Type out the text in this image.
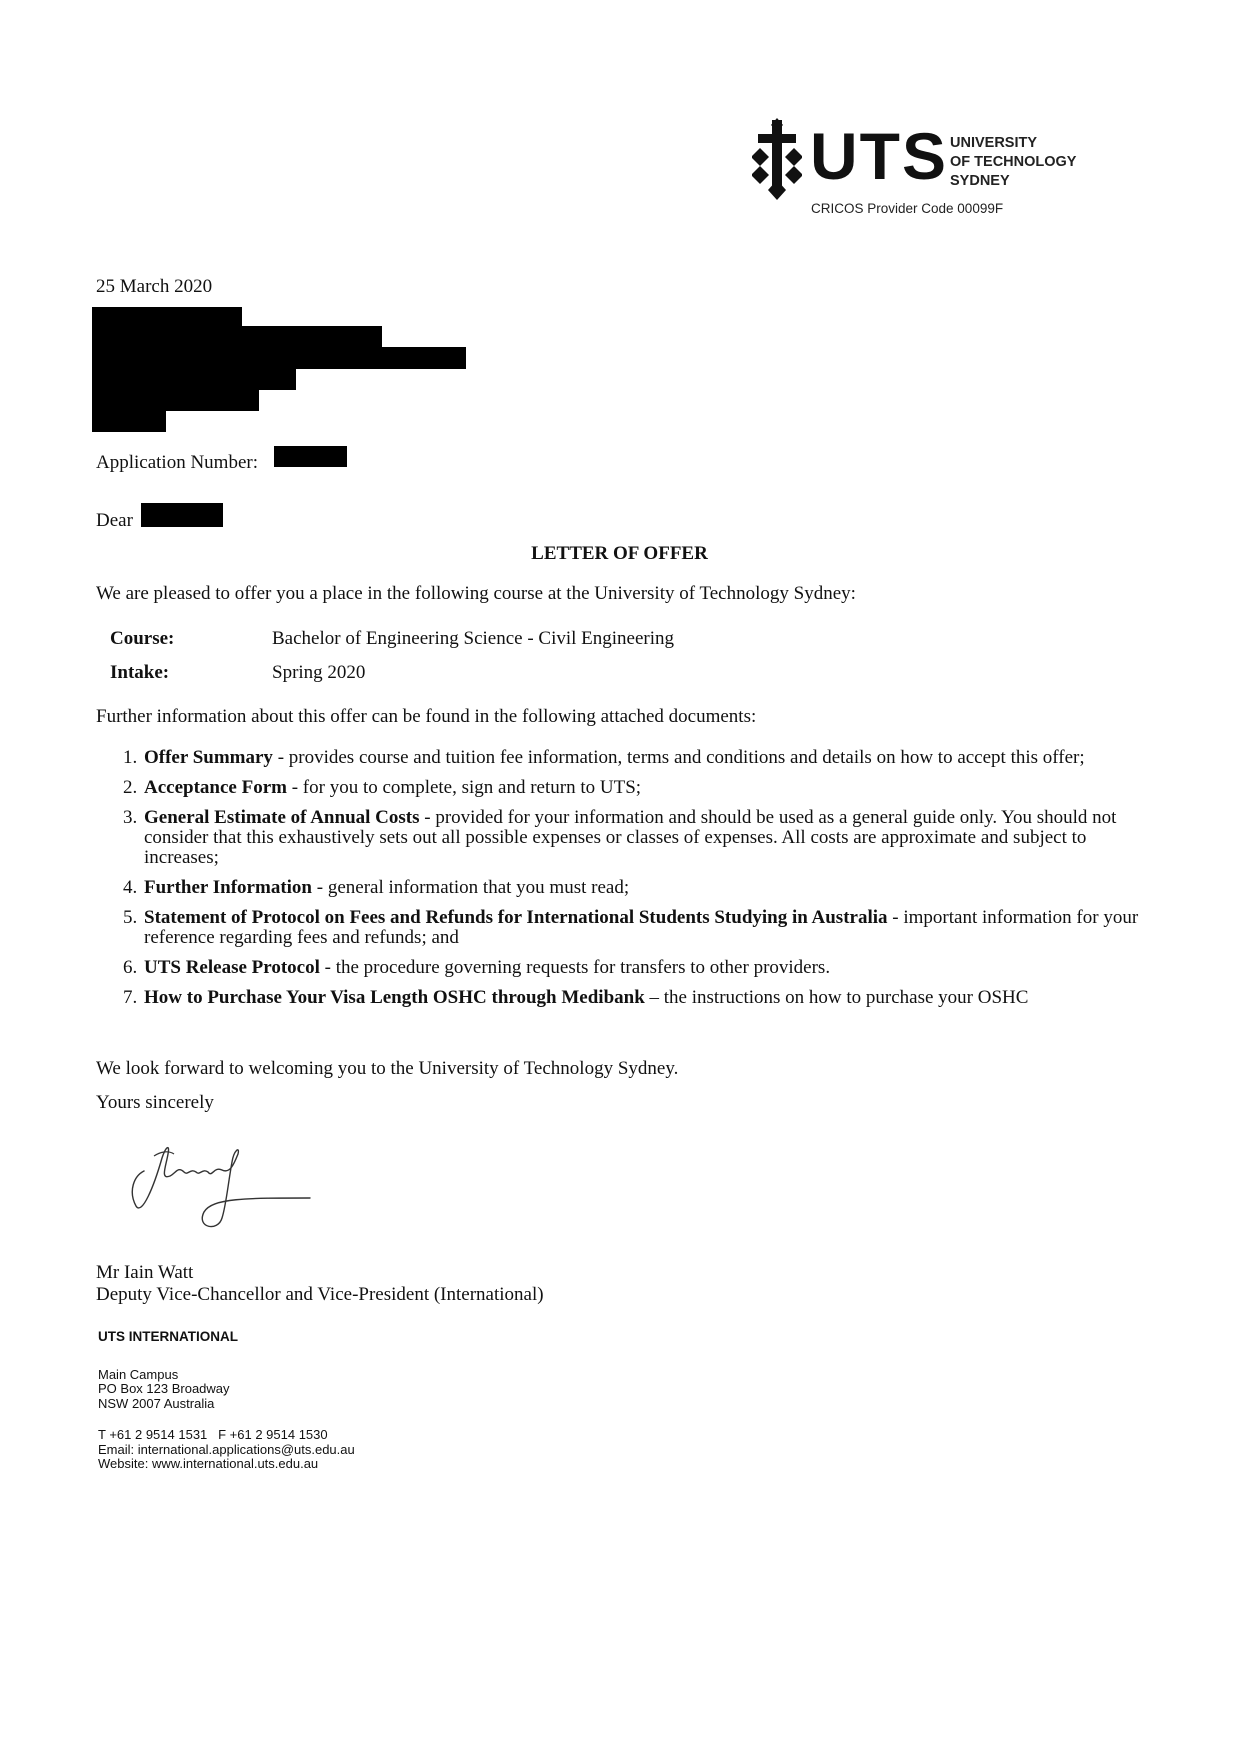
UTS UNIVERSITY
OF TECHNOLOGY
SYDNEY
CRICOS Provider Code 00099F
25 March 2020
Application Number:
Dear
LETTER OF OFFER
We are pleased to offer you a place in the following course at the University of Technology Sydney:
Course:	Bachelor of Engineering Science - Civil Engineering
Intake:	Spring 2020
Further information about this offer can be found in the following attached documents:
1. Offer Summary - provides course and tuition fee information, terms and conditions and details on how to accept this offer;
2. Acceptance Form - for you to complete, sign and return to UTS;
3. General Estimate of Annual Costs - provided for your information and should be used as a general guide only. You should not consider that this exhaustively sets out all possible expenses or classes of expenses. All costs are approximate and subject to increases;
4. Further Information - general information that you must read;
5. Statement of Protocol on Fees and Refunds for International Students Studying in Australia - important information for your reference regarding fees and refunds; and
6. UTS Release Protocol - the procedure governing requests for transfers to other providers.
7. How to Purchase Your Visa Length OSHC through Medibank – the instructions on how to purchase your OSHC
We look forward to welcoming you to the University of Technology Sydney.
Yours sincerely
Mr Iain Watt
Deputy Vice-Chancellor and Vice-President (International)
UTS INTERNATIONAL
Main Campus
PO Box 123 Broadway
NSW 2007 Australia
T +61 2 9514 1531   F +61 2 9514 1530
Email: international.applications@uts.edu.au
Website: www.international.uts.edu.au
